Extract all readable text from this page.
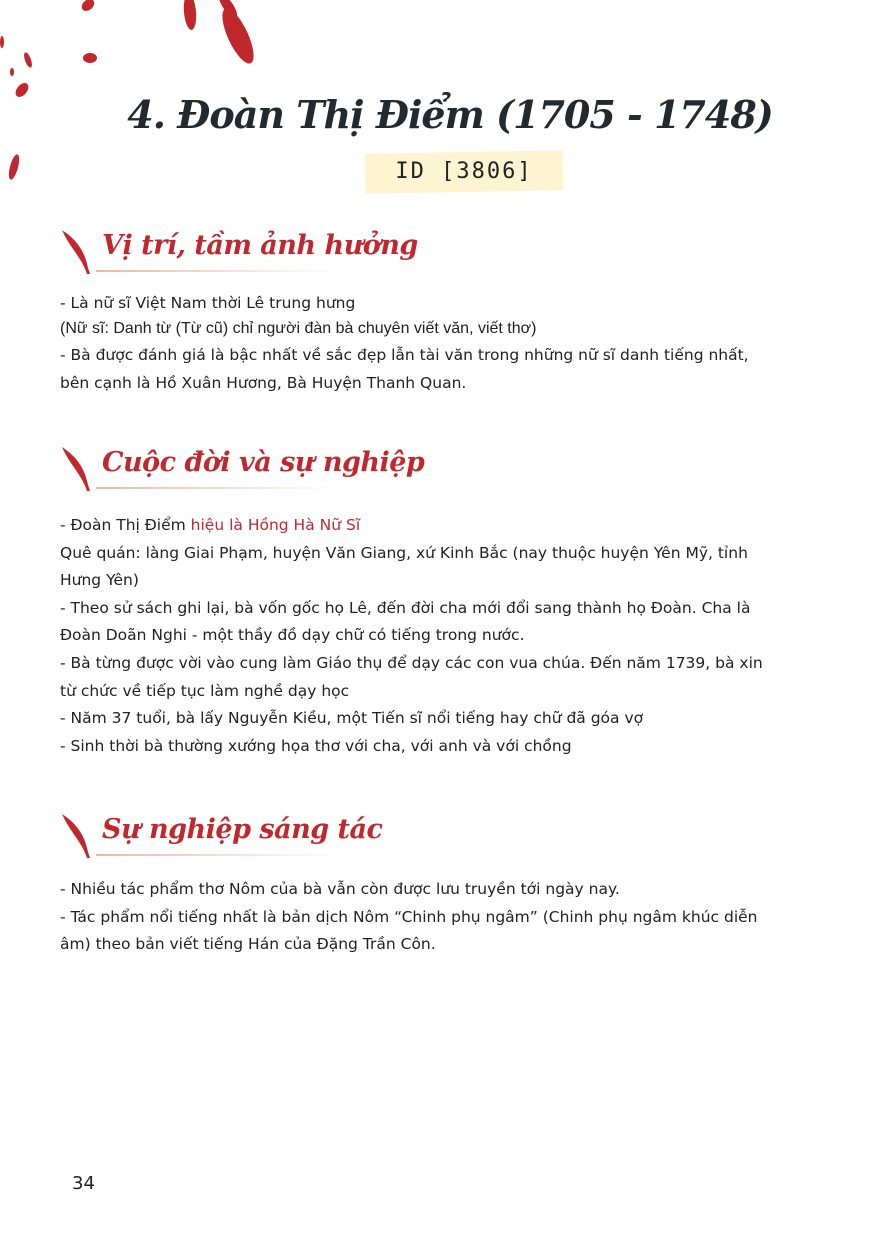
4. Đoàn Thị Điểm (1705 - 1748)
ID [3806]
Vị trí, tầm ảnh hưởng

- Là nữ sĩ Việt Nam thời Lê trung hưng

(Nữ sĩ: Danh từ (Từ cũ) chỉ người đàn bà chuyên viết văn, viết thơ)

- Bà được đánh giá là bậc nhất về sắc đẹp lẫn tài văn trong những nữ sĩ danh tiếng nhất,

bên cạnh là Hồ Xuân Hương, Bà Huyện Thanh Quan.

Cuộc đời và sự nghiệp

- Đoàn Thị Điểm hiệu là Hồng Hà Nữ Sĩ

Quê quán: làng Giai Phạm, huyện Văn Giang, xứ Kinh Bắc (nay thuộc huyện Yên Mỹ, tỉnh

Hưng Yên)

- Theo sử sách ghi lại, bà vốn gốc họ Lê, đến đời cha mới đổi sang thành họ Đoàn. Cha là

Đoàn Doãn Nghi - một thầy đồ dạy chữ có tiếng trong nước.

- Bà từng được vời vào cung làm Giáo thụ để dạy các con vua chúa. Đến năm 1739, bà xin

từ chức về tiếp tục làm nghề dạy học

- Năm 37 tuổi, bà lấy Nguyễn Kiều, một Tiến sĩ nổi tiếng hay chữ đã góa vợ

- Sinh thời bà thường xướng họa thơ với cha, với anh và với chồng

Sự nghiệp sáng tác

- Nhiều tác phẩm thơ Nôm của bà vẫn còn được lưu truyền tới ngày nay.

- Tác phẩm nổi tiếng nhất là bản dịch Nôm “Chinh phụ ngâm” (Chinh phụ ngâm khúc diễn

âm) theo bản viết tiếng Hán của Đặng Trần Côn.

34
